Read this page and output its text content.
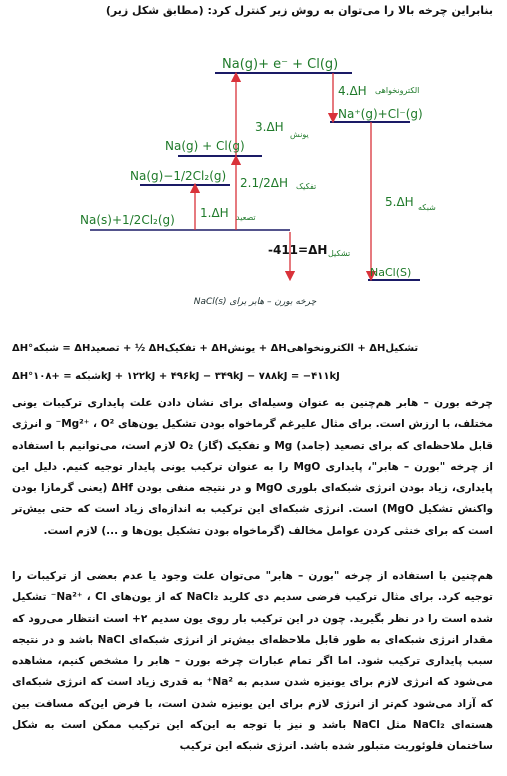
بنابراین چرخه بالا را می‌توان به روش زیر کنترل کرد: (مطابق شکل زیر)
Na(g)+ e⁻ + Cl(g)
Na⁺(g)+Cl⁻(g)
Na(g) + Cl(g)
Na(g)−1/2Cl₂(g)
Na(s)+1/2Cl₂(g)
NaCl(S)
3.ΔH
یونش
4.ΔH الکترونخواهی
2.1/2ΔH تفکیک
1.ΔH تصعید
5.ΔH شبکه
-411=ΔH تشکیل
چرخه بورن – هابر برای NaCl(s)
ΔH°شبکه = ΔHتصعید + ½ ΔHتفکیک + ΔHیونش + ΔHالکترونخواهی + ΔHتشکیل
ΔH°شبکه = +۱۰۸kJ + ۱۲۲kJ + ۴۹۶kJ − ۳۴۹kJ − ۷۸۸kJ = −۴۱۱kJ
چرخه بورن – هابر هم‌چنین به عنوان وسیله‌ای برای نشان دادن علت پایداری ترکیبات یونی مختلف، با ارزش است. برای مثال علیرغم گرماخواه بودن تشکیل یون‌های Mg²⁺ ، O²⁻ و انرژی قابل ملاحظه‌ای که برای تصعید (جامد) Mg و تفکیک (گاز) O₂ لازم است، می‌توانیم با استفاده از چرخه "بورن – هابر"، پایداری MgO را به عنوان ترکیب یونی پایدار توجیه کنیم. دلیل این پایداری، زیاد بودن انرژی شبکه‌ای بلوری MgO و در نتیجه منفی بودن ΔHf (یعنی گرمازا بودن واکنش تشکیل MgO) است. انرژی شبکه‌ای این ترکیب به اندازه‌ای زیاد است که حتی بیش‌تر است که برای خنثی کردن عوامل مخالف (گرماخواه بودن تشکیل یون‌ها و ...) لازم است.
هم‌چنین با استفاده از چرخه "بورن – هابر" می‌توان علت وجود یا عدم بعضی از ترکیبات را توجیه کرد. برای مثال ترکیب فرضی سدیم دی کلرید NaCl₂ که از یون‌های Na²⁺ ، Cl⁻ تشکیل شده است را در نظر بگیرید. چون در این ترکیب بار روی یون سدیم ۲+ است انتظار می‌رود که مقدار انرژی شبکه‌ای به طور قابل ملاحظه‌ای بیش‌تر از انرژی شبکه‌ای NaCl باشد و در نتیجه سبب پایداری ترکیب شود. اما اگر تمام عبارات چرخه بورن – هابر را مشخص کنیم، مشاهده می‌شود که انرژی لازم برای یونیزه شدن سدیم به Na²⁺ به قدری زیاد است که انرژی شبکه‌ای که آزاد می‌شود کم‌تر از انرژی لازم برای این یونیزه شدن است، با فرض این‌که مسافت بین هسته‌ای NaCl₂ مثل NaCl باشد و نیز با توجه به این‌که این ترکیب ممکن است به شکل ساختمان فلوئوریت متبلور شده باشد. انرژی شبکه این ترکیب
